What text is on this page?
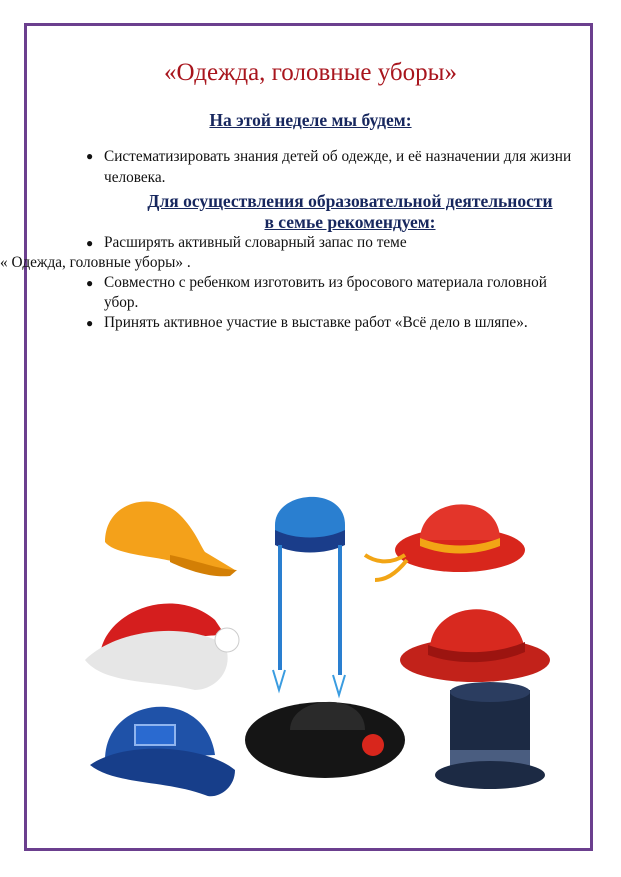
«Одежда, головные уборы»
На этой неделе мы будем:
● Систематизировать знания детей об одежде, и её назначении для жизни человека.
Для осуществления образовательной деятельности
в семье рекомендуем:
● Расширять активный словарный запас по теме
« Одежда, головные уборы» .
● Совместно с ребенком изготовить из бросового материала головной убор.
● Принять активное участие в выставке работ «Всё дело в шляпе».
